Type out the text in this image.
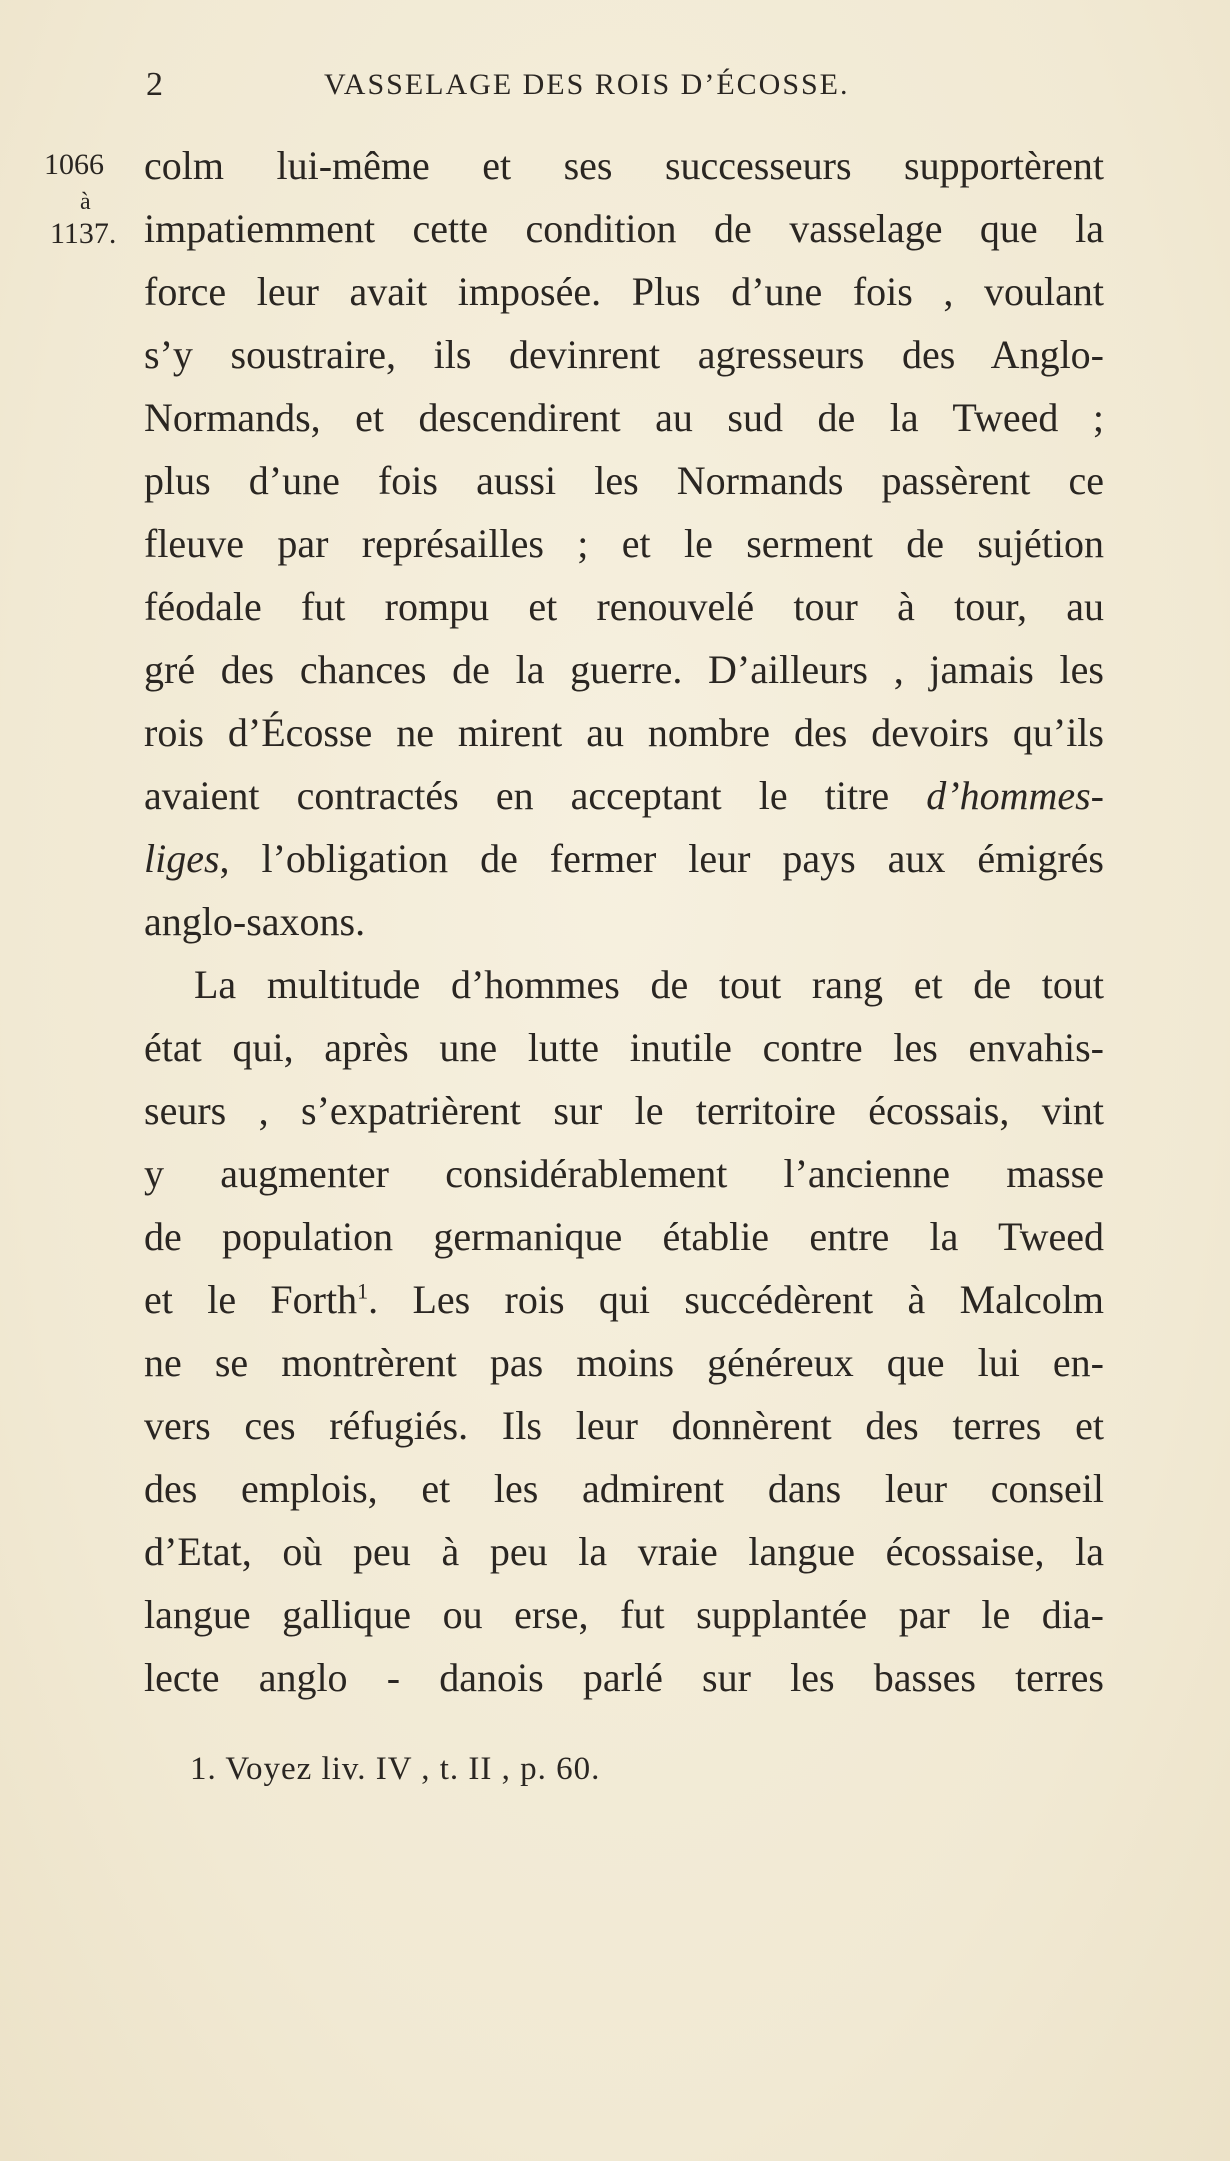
2	VASSELAGE DES ROIS D’ÉCOSSE.
1066
à
1137.
colm lui-même et ses successeurs supportèrent
impatiemment cette condition de vasselage que la
force leur avait imposée. Plus d’une fois , voulant
s’y soustraire, ils devinrent agresseurs des Anglo-
Normands, et descendirent au sud de la Tweed ;
plus d’une fois aussi les Normands passèrent ce
fleuve par représailles ; et le serment de sujétion
féodale fut rompu et renouvelé tour à tour, au
gré des chances de la guerre. D’ailleurs , jamais les
rois d’Écosse ne mirent au nombre des devoirs qu’ils
avaient contractés en acceptant le titre d’hommes-
liges, l’obligation de fermer leur pays aux émigrés
anglo-saxons.
La multitude d’hommes de tout rang et de tout
état qui, après une lutte inutile contre les envahis-
seurs , s’expatrièrent sur le territoire écossais, vint
y augmenter considérablement l’ancienne masse
de population germanique établie entre la Tweed
et le Forth$^1$. Les rois qui succédèrent à Malcolm
ne se montrèrent pas moins généreux que lui en-
vers ces réfugiés. Ils leur donnèrent des terres et
des emplois, et les admirent dans leur conseil
d’Etat, où peu à peu la vraie langue écossaise, la
langue gallique ou erse, fut supplantée par le dia-
lecte anglo - danois parlé sur les basses terres
1. Voyez liv. IV , t. II , p. 60.
